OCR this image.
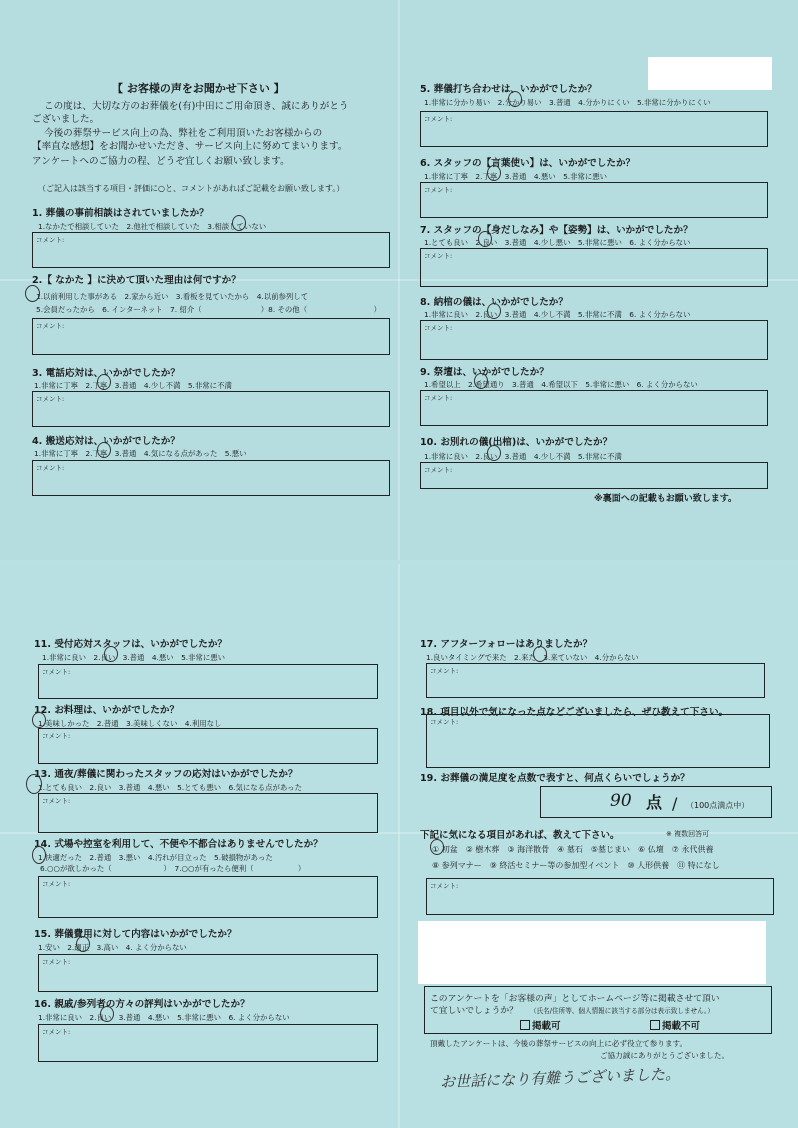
【 お客様の声をお聞かせ下さい 】
この度は、大切な方のお葬儀を(有)中田にご用命頂き、誠にありがとう
ございました。
今後の葬祭サービス向上の為、弊社をご利用頂いたお客様からの
【率直な感想】をお聞かせいただき、サービス向上に努めてまいります。
アンケートへのご協力の程、どうぞ宜しくお願い致します。
（ご記入は該当する項目・評価に○と、コメントがあればご記載をお願い致します。）
1. 葬儀の事前相談はされていましたか？
1.なかたで相談していた　2.他社で相談していた　3.相談していない
コメント:
2.【 なかた 】に決めて頂いた理由は何ですか？
1.以前利用した事がある　2.家から近い　3.看板を見ていたから　4.以前参列して
5.会員だったから　6. インターネット　7. 紹介（　　　　　　　　）8. その他（　　　　　　　　　）
コメント:
3. 電話応対は、いかがでしたか？
1.非常に丁寧　2.丁寧　3.普通　4.少し不満　5.非常に不満
コメント:
4. 搬送応対は、いかがでしたか？
1.非常に丁寧　2.丁寧　3.普通　4.気になる点があった　5.悪い
コメント:
5. 葬儀打ち合わせは、いかがでしたか？
1.非常に分かり易い　2.分かり易い　3.普通　4.分かりにくい　5.非常に分かりにくい
コメント:
6. スタッフの【言葉使い】は、いかがでしたか？
1.非常に丁寧　2.丁寧　3.普通　4.悪い　5.非常に悪い
コメント:
7. スタッフの【身だしなみ】や【姿勢】は、いかがでしたか？
1.とても良い　2.良い　3.普通　4.少し悪い　5.非常に悪い　6. よく分からない
コメント:
8. 納棺の儀は、いかがでしたか？
1.非常に良い　2.良い　3.普通　4.少し不満　5.非常に不満　6. よく分からない
コメント:
9. 祭壇は、いかがでしたか？
1.希望以上　2.希望通り　3.普通　4.希望以下　5.非常に悪い　6. よく分からない
コメント:
10. お別れの儀(出棺)は、いかがでしたか？
1.非常に良い　2.良い　3.普通　4.少し不満　5.非常に不満
コメント:
※裏面への記載もお願い致します。
11. 受付応対スタッフは、いかがでしたか？
1.非常に良い　2.良い　3.普通　4.悪い　5.非常に悪い
コメント:
12. お料理は、いかがでしたか？
1.美味しかった　2.普通　3.美味しくない　4.利用なし
コメント:
13. 通夜/葬儀に関わったスタッフの応対はいかがでしたか？
1.とても良い　2.良い　3.普通　4.悪い　5.とても悪い　6.気になる点があった
コメント:
14. 式場や控室を利用して、不便や不都合はありませんでしたか？
1.快適だった　2.普通　3.悪い　4.汚れが目立った　5.破損物があった
6.○○が欲しかった（　　　　　　　）　7.○○が有ったら便利（　　　　　　）
コメント:
15. 葬儀費用に対して内容はいかがでしたか？
1.安い　2.適正　3.高い　4. よく分からない
コメント:
16. 親戚/参列者の方々の評判はいかがでしたか？
1.非常に良い　2.良い　3.普通　4.悪い　5.非常に悪い　6. よく分からない
コメント:
17. アフターフォローはありましたか？
1.良いタイミングで来た　2.来た　3.来ていない　4.分からない
コメント:
18. 項目以外で気になった点などございましたら、ぜひ教えて下さい。
コメント:
19. お葬儀の満足度を点数で表すと、何点くらいでしょうか？
90 点 / （100点満点中）
下記に気になる項目があれば、教えて下さい。	※ 複数回答可
① 初盆　② 樹木葬　③ 海洋散骨　④ 墓石　⑤墓じまい　⑥ 仏壇　⑦ 永代供養
⑧ 参列マナー　⑨ 終活セミナー等の参加型イベント　⑩ 人形供養　⑪ 特になし
コメント:
このアンケートを「お客様の声」としてホームページ等に掲載させて頂い
て宜しいでしょうか？ （氏名/住所等、個人情報に該当する部分は表示致しません。）
掲載可	掲載不可
頂戴したアンケートは、今後の葬祭サービスの向上に必ず役立て参ります。
ご協力誠にありがとうございました。
お世話になり有難うございました。
